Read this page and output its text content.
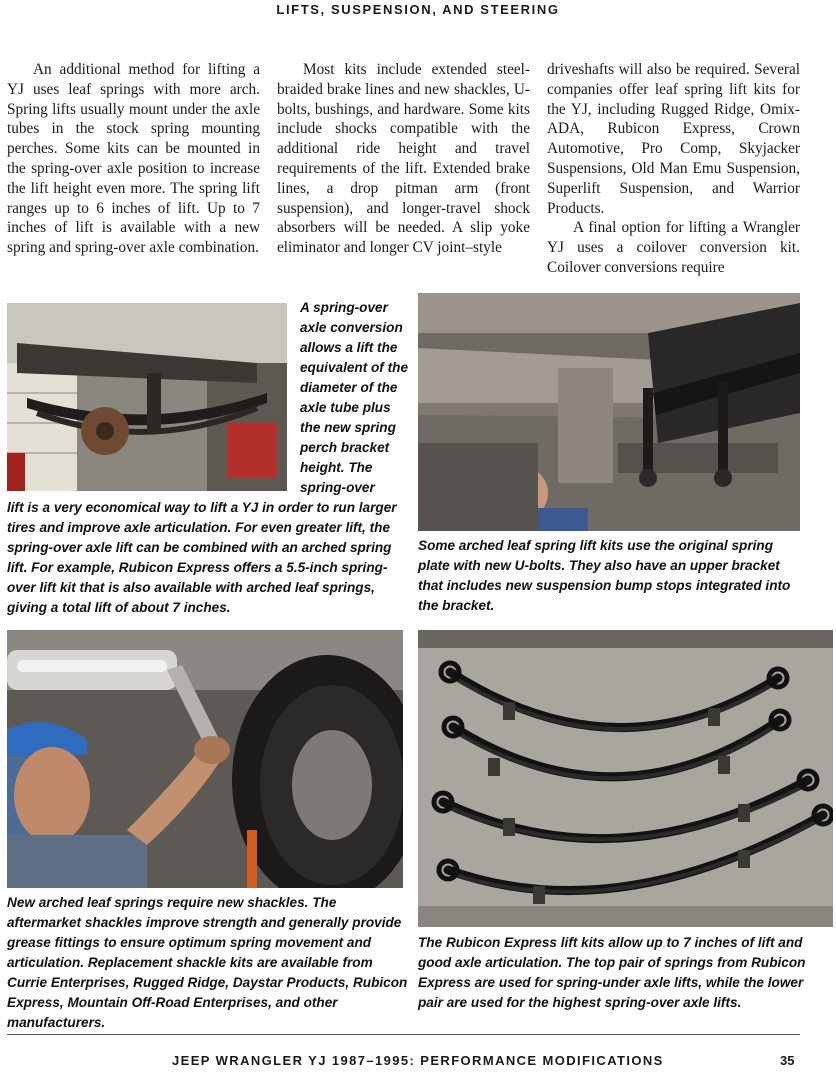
LIFTS, SUSPENSION, AND STEERING

An additional method for lifting a YJ uses leaf springs with more arch. Spring lifts usually mount under the axle tubes in the stock spring mounting perches. Some kits can be mounted in the spring-over axle position to increase the lift height even more. The spring lift ranges up to 6 inches of lift. Up to 7 inches of lift is available with a new spring and spring-over axle combination.

Most kits include extended steel-braided brake lines and new shackles, U-bolts, bushings, and hardware. Some kits include shocks compatible with the additional ride height and travel requirements of the lift. Extended brake lines, a drop pitman arm (front suspension), and longer-travel shock absorbers will be needed. A slip yoke eliminator and longer CV joint–style

driveshafts will also be required. Several companies offer leaf spring lift kits for the YJ, including Rugged Ridge, Omix-ADA, Rubicon Express, Crown Automotive, Pro Comp, Skyjacker Suspensions, Old Man Emu Suspension, Superlift Suspension, and Warrior Products.

A final option for lifting a Wrangler YJ uses a coilover conversion kit. Coilover conversions require

A spring-over axle conversion allows a lift the equivalent of the diameter of the axle tube plus the new spring perch bracket height. The spring-over
lift is a very economical way to lift a YJ in order to run larger tires and improve axle articulation. For even greater lift, the spring-over axle lift can be combined with an arched spring lift. For example, Rubicon Express offers a 5.5-inch spring-over lift kit that is also available with arched leaf springs, giving a total lift of about 7 inches.
Some arched leaf spring lift kits use the original spring plate with new U-bolts. They also have an upper bracket that includes new suspension bump stops integrated into the bracket.
New arched leaf springs require new shackles. The aftermarket shackles improve strength and generally provide grease fittings to ensure optimum spring movement and articulation. Replacement shackle kits are available from Currie Enterprises, Rugged Ridge, Daystar Products, Rubicon Express, Mountain Off-Road Enterprises, and other manufacturers.
The Rubicon Express lift kits allow up to 7 inches of lift and good axle articulation. The top pair of springs from Rubicon Express are used for spring-under axle lifts, while the lower pair are used for the highest spring-over axle lifts.
JEEP WRANGLER YJ 1987–1995: PERFORMANCE MODIFICATIONS	35
